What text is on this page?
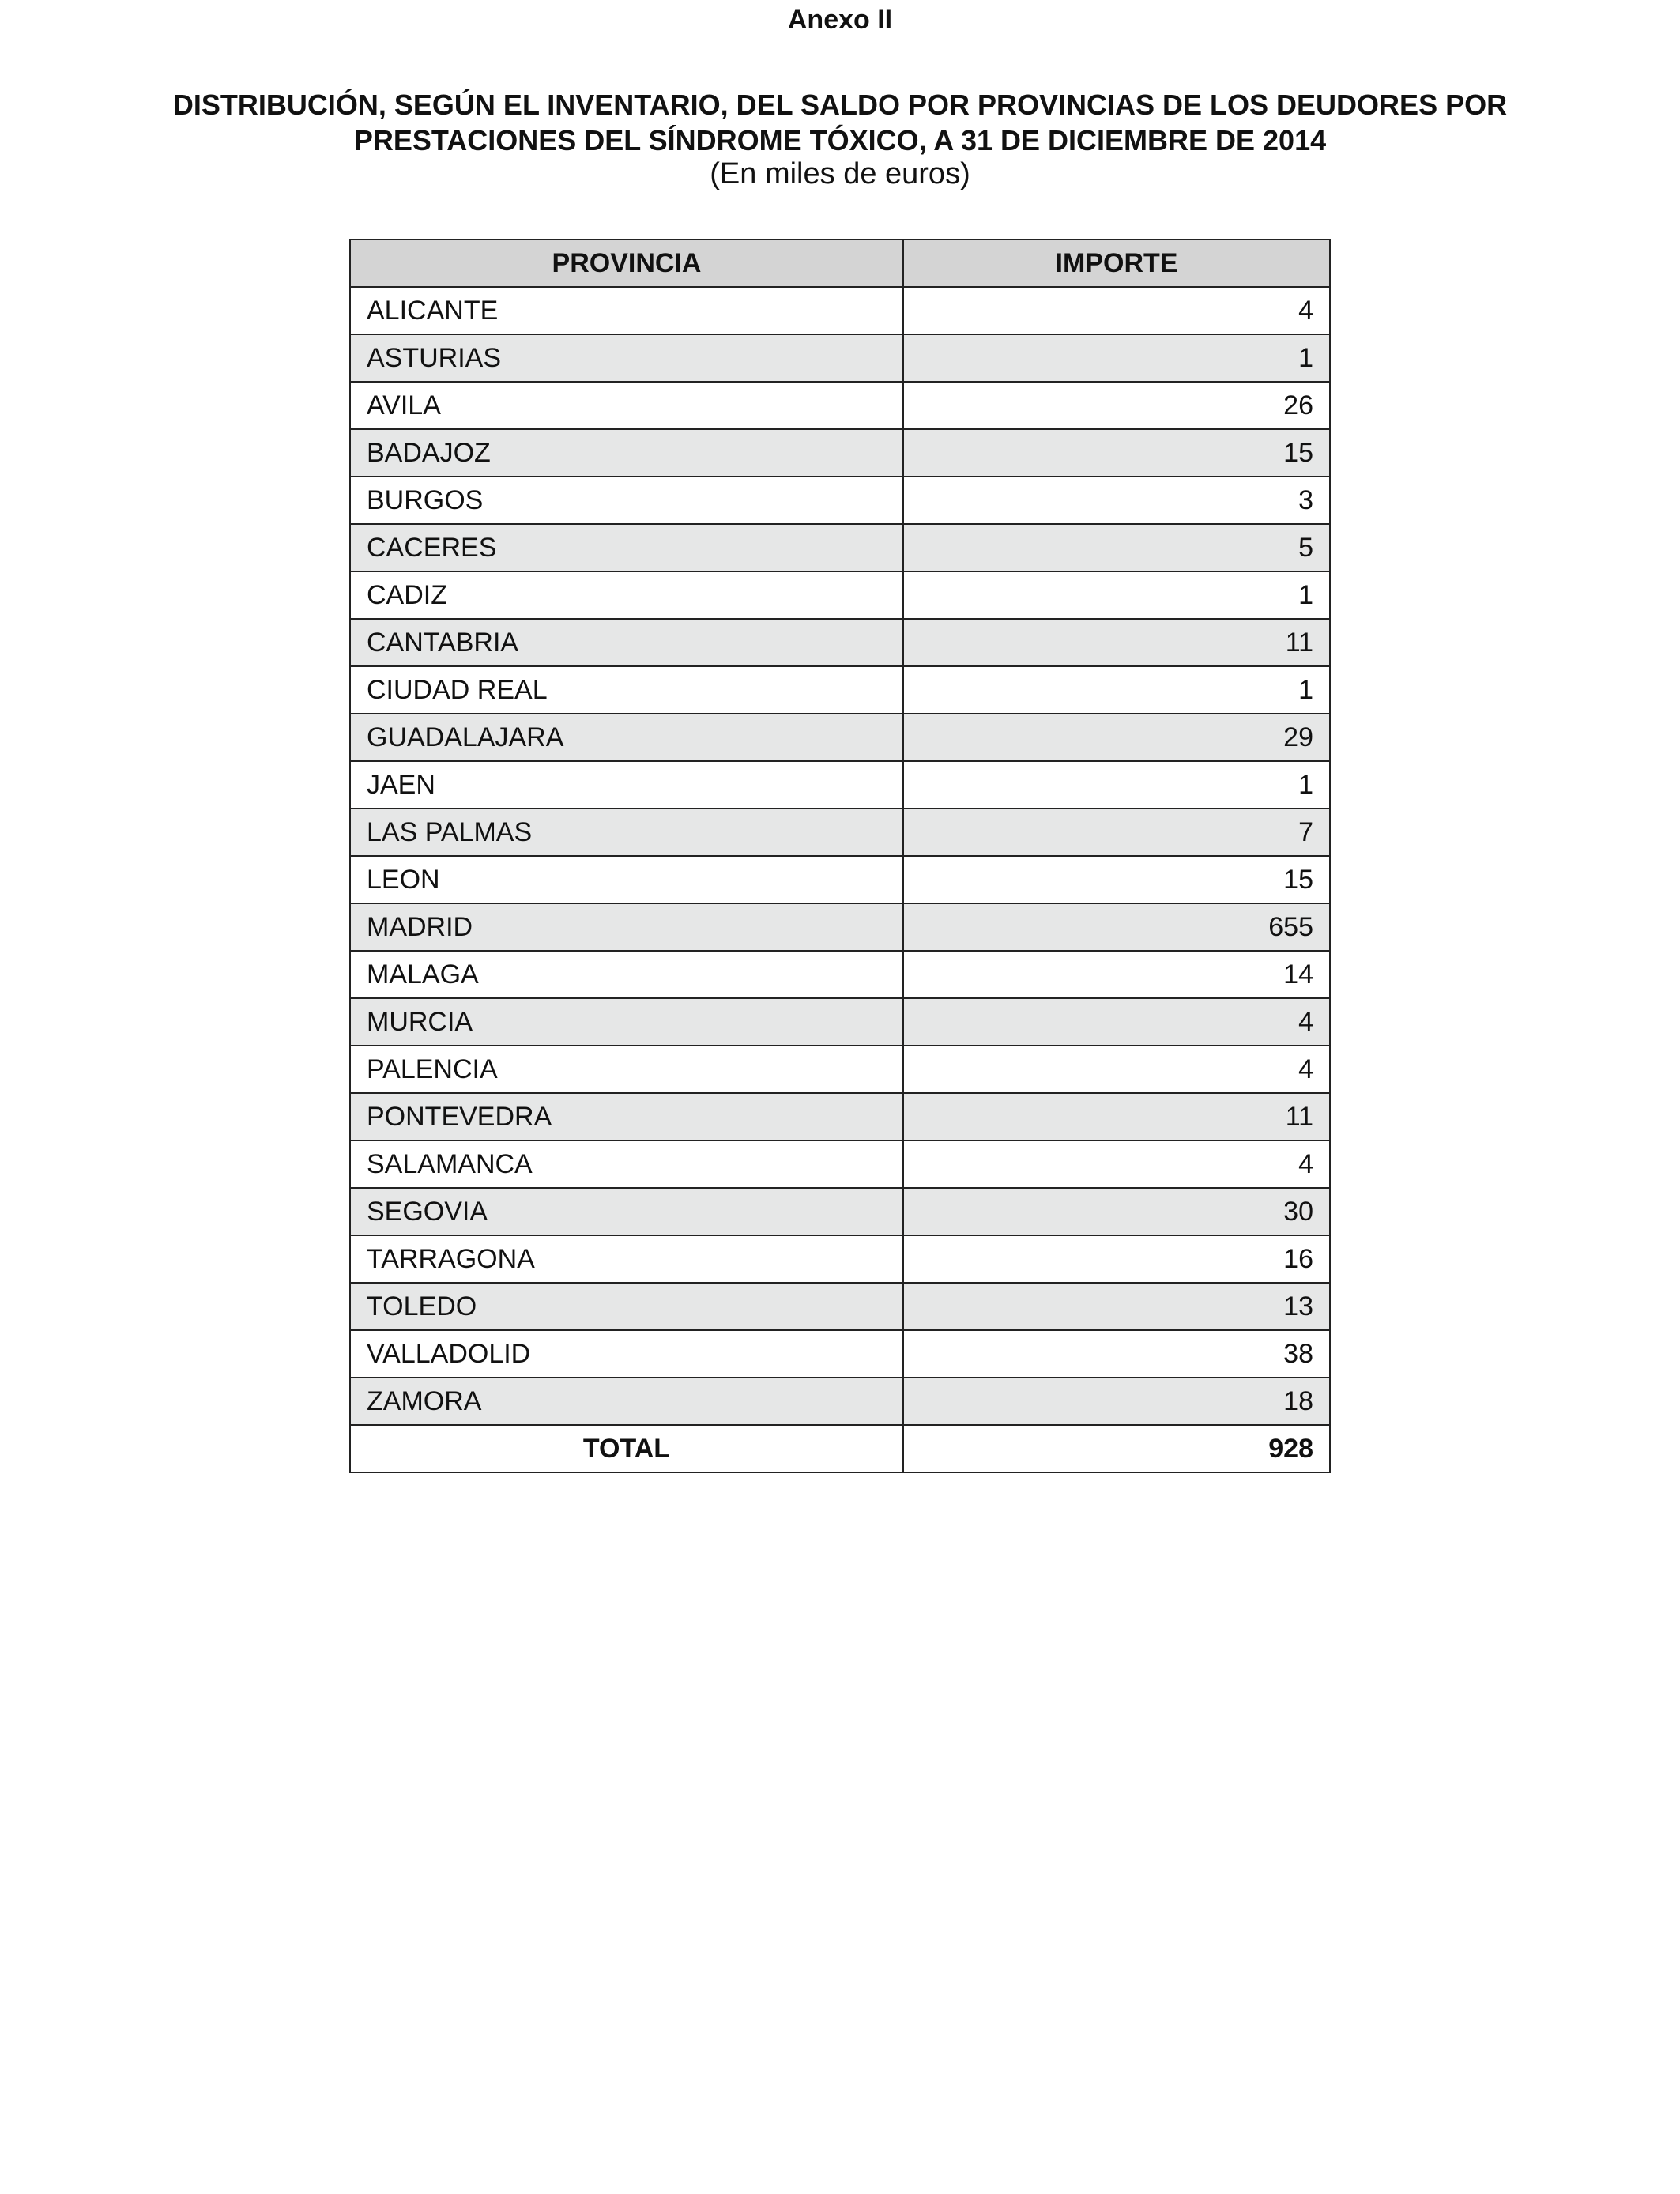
Anexo II
DISTRIBUCIÓN, SEGÚN EL INVENTARIO, DEL SALDO POR PROVINCIAS DE LOS DEUDORES POR
PRESTACIONES DEL SÍNDROME TÓXICO, A 31 DE DICIEMBRE DE 2014
(En miles de euros)
PROVINCIA	IMPORTE
ALICANTE	4
ASTURIAS	1
AVILA	26
BADAJOZ	15
BURGOS	3
CACERES	5
CADIZ	1
CANTABRIA	11
CIUDAD REAL	1
GUADALAJARA	29
JAEN	1
LAS PALMAS	7
LEON	15
MADRID	655
MALAGA	14
MURCIA	4
PALENCIA	4
PONTEVEDRA	11
SALAMANCA	4
SEGOVIA	30
TARRAGONA	16
TOLEDO	13
VALLADOLID	38
ZAMORA	18
TOTAL	928
